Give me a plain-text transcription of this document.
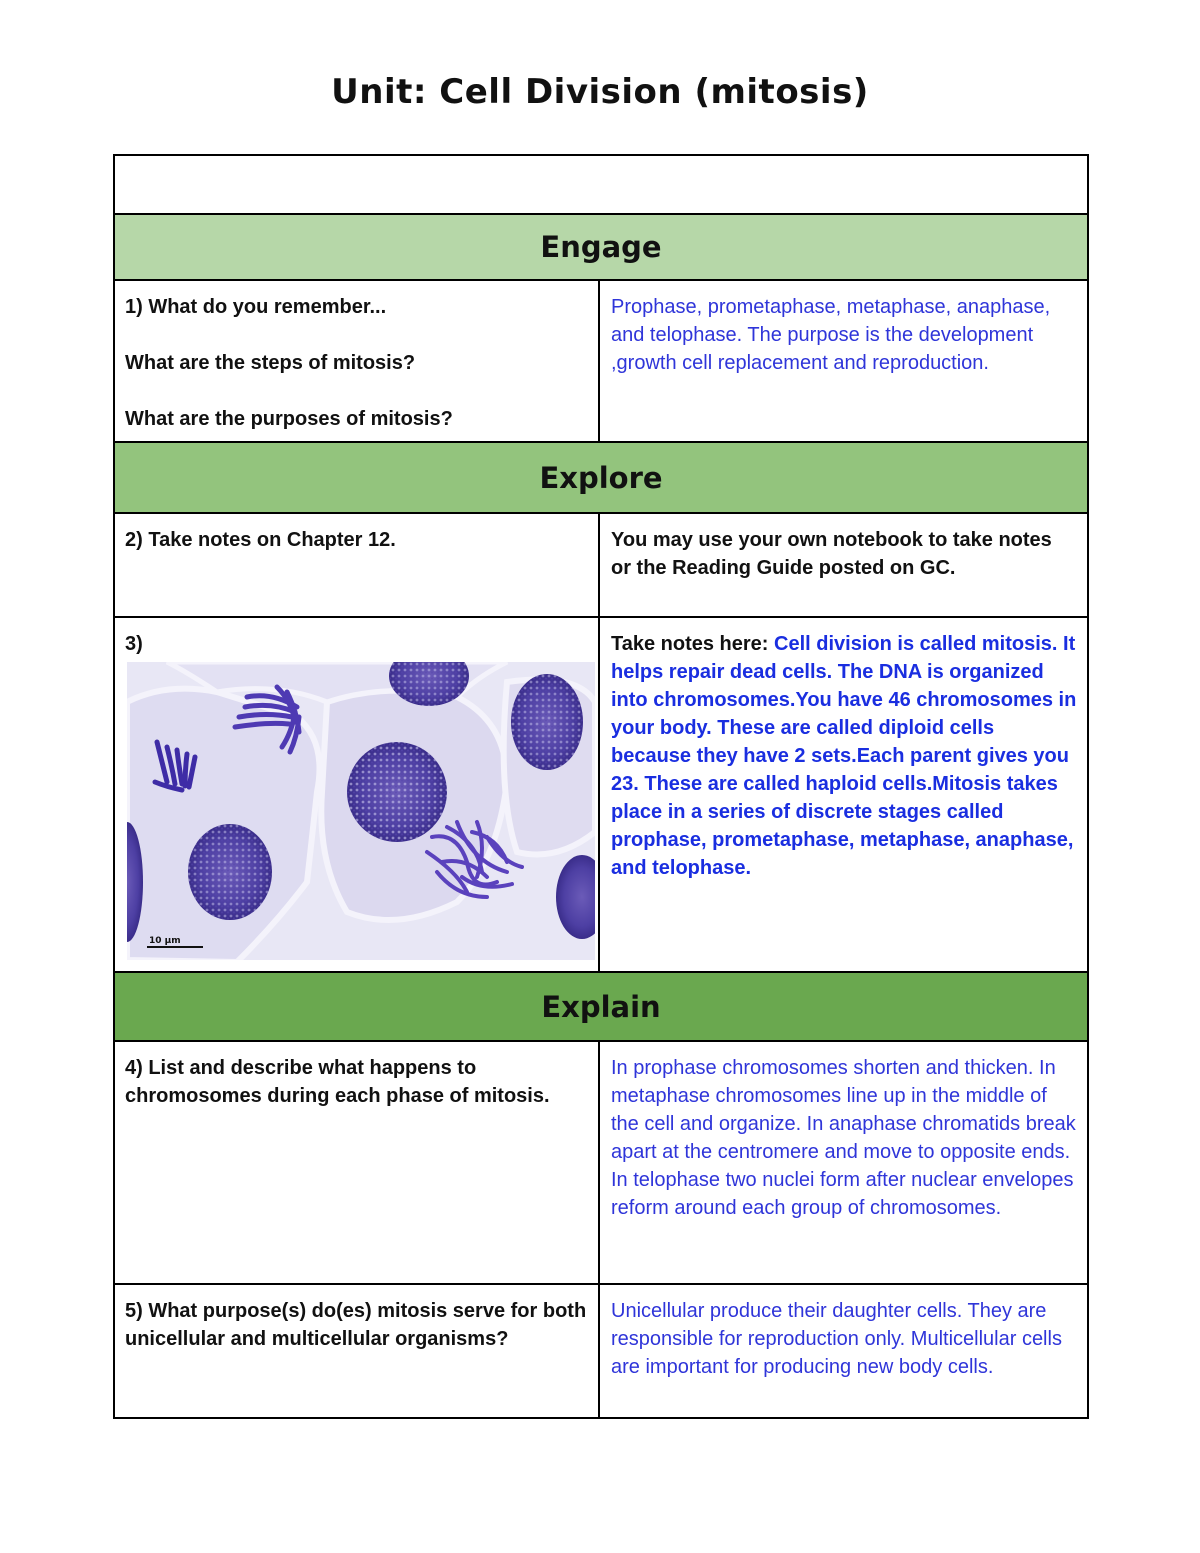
Unit: Cell Division (mitosis)

Engage	

1) What do you remember...

What are the steps of mitosis?

What are the purposes of mitosis?	Prophase, prometaphase, metaphase, anaphase, and telophase. The purpose is the development ,growth cell replacement and reproduction.
Explore	
2) Take notes on Chapter 12.	You may use your own notebook to take notes or the Reading Guide posted on GC.

3)
10 µm	Take notes here: Cell division is called mitosis. It helps repair dead cells. The DNA is organized into chromosomes.You have 46 chromosomes in your body. These are called diploid cells because they have 2 sets.Each parent gives you 23. These are called haploid cells.Mitosis takes place in a series of discrete stages called prophase, prometaphase, metaphase, anaphase, and telophase.
Explain	
4) List and describe what happens to chromosomes during each phase of mitosis.	In prophase chromosomes shorten and thicken. In metaphase chromosomes line up in the middle of the cell and organize. In anaphase chromatids break apart at the centromere and move to opposite ends. In telophase two nuclei form after nuclear envelopes reform around each group of chromosomes.
5) What purpose(s) do(es) mitosis serve for both unicellular and multicellular organisms?	Unicellular produce their daughter cells. They are responsible for reproduction only. Multicellular cells are important for producing new body cells.
